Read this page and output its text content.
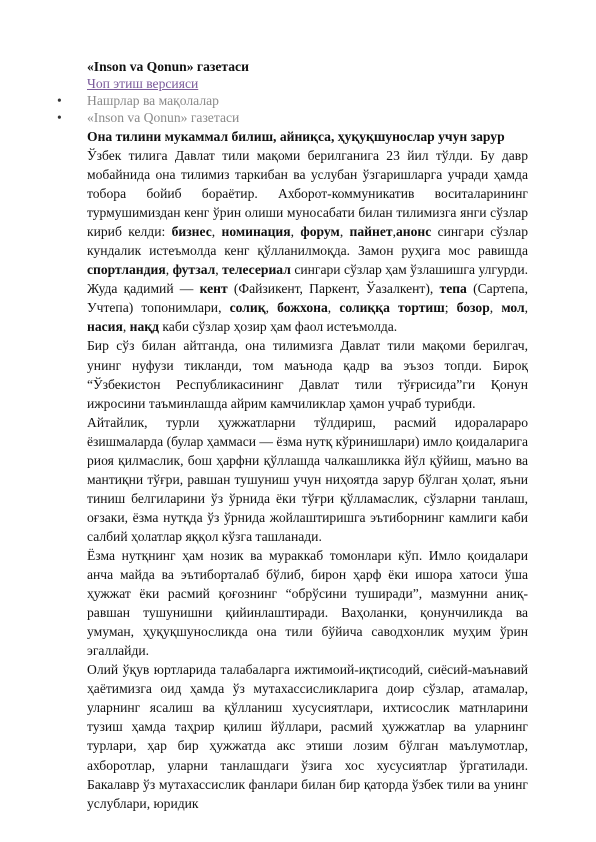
«Inson va Qonun» газетаси
Чоп этиш версияси
• Нашрлар ва мақолалар
• «Inson va Qonun» газетаси
Она тилини мукаммал билиш, айниқса, ҳуқуқшунослар учун зарур

Ўзбек тилига Давлат тили мақоми берилганига 23 йил тўлди. Бу давр мобайнида она тилимиз таркибан ва услубан ўзгаришларга учради ҳамда тобора бойиб бораётир. Ахборот-коммуникатив воситаларининг турмушимиздан кенг ўрин олиши муносабати билан тилимизга янги сўзлар кириб келди: бизнес, номинация, форум, пайнет,анонс сингари сўзлар кундалик истеъмолда кенг қўлланилмоқда. Замон руҳига мос равишда спортландия, футзал, телесериал сингари сўзлар ҳам ўзлашишга улгурди. Жуда қадимий — кент (Файзикент, Паркент, Ўазалкент), тепа (Сартепа, Учтепа) топонимлари, солиқ, божхона, солиққа тортиш; бозор, мол, насия, нақд каби сўзлар ҳозир ҳам фаол истеъмолда.

Бир сўз билан айтганда, она тилимизга Давлат тили мақоми берилгач, унинг нуфузи тикланди, том маънода қадр ва эъзоз топди. Бироқ “Ўзбекистон Республикасининг Давлат тили тўғрисида”ги Қонун ижросини таъминлашда айрим камчиликлар ҳамон учраб турибди.

Айтайлик, турли ҳужжатларни тўлдириш, расмий идоралараро ёзишмаларда (булар ҳаммаси — ёзма нутқ кўринишлари) имло қоидаларига риоя қилмаслик, бош ҳарфни қўллашда чалкашликка йўл қўйиш, маъно ва мантиқни тўғри, равшан тушуниш учун ниҳоятда зарур бўлган ҳолат, яъни тиниш белгиларини ўз ўрнида ёки тўғри қўлламаслик, сўзларни танлаш, оғзаки, ёзма нутқда ўз ўрнида жойлаштиришга эътиборнинг камлиги каби салбий ҳолатлар яққол кўзга ташланади.

Ёзма нутқнинг ҳам нозик ва мураккаб томонлари кўп. Имло қоидалари анча майда ва эътиборталаб бўлиб, бирон ҳарф ёки ишора хатоси ўша ҳужжат ёки расмий қоғознинг “обрўсини туширади”, мазмунни аниқ-равшан тушунишни қийинлаштиради. Ваҳоланки, қонунчиликда ва умуман, ҳуқуқшуносликда она тили бўйича саводхонлик муҳим ўрин эгаллайди.

Олий ўқув юртларида талабаларга ижтимоий-иқтисодий, сиёсий-маънавий ҳаётимизга оид ҳамда ўз мутахассисликларига доир сўзлар, атамалар, уларнинг ясалиш ва қўлланиш хусусиятлари, ихтисослик матнларини тузиш ҳамда таҳрир қилиш йўллари, расмий ҳужжатлар ва уларнинг турлари, ҳар бир ҳужжатда акс этиши лозим бўлган маълумотлар, ахборотлар, уларни танлашдаги ўзига хос хусусиятлар ўргатилади. Бакалавр ўз мутахассислик фанлари билан бир қаторда ўзбек тили ва унинг услублари, юридик
